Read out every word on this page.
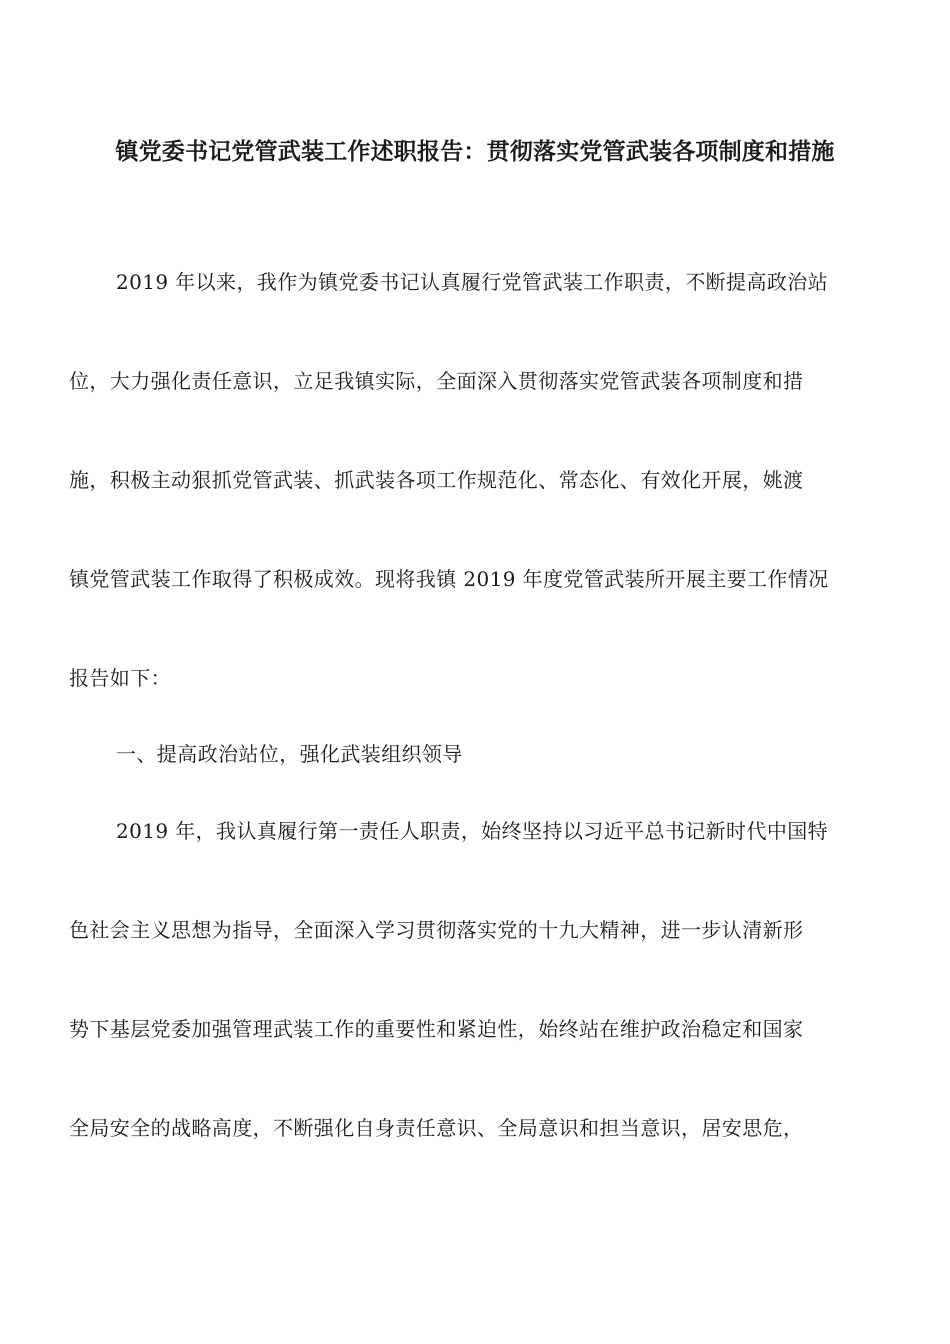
镇党委书记党管武装工作述职报告：贯彻落实党管武装各项制度和措施
2019 年以来，我作为镇党委书记认真履行党管武装工作职责，不断提高政治站
位，大力强化责任意识，立足我镇实际，全面深入贯彻落实党管武装各项制度和措
施，积极主动狠抓党管武装、抓武装各项工作规范化、常态化、有效化开展，姚渡
镇党管武装工作取得了积极成效。现将我镇 2019 年度党管武装所开展主要工作情况
报告如下：
一、提高政治站位，强化武装组织领导
2019 年，我认真履行第一责任人职责，始终坚持以习近平总书记新时代中国特
色社会主义思想为指导，全面深入学习贯彻落实党的十九大精神，进一步认清新形
势下基层党委加强管理武装工作的重要性和紧迫性，始终站在维护政治稳定和国家
全局安全的战略高度，不断强化自身责任意识、全局意识和担当意识，居安思危，
